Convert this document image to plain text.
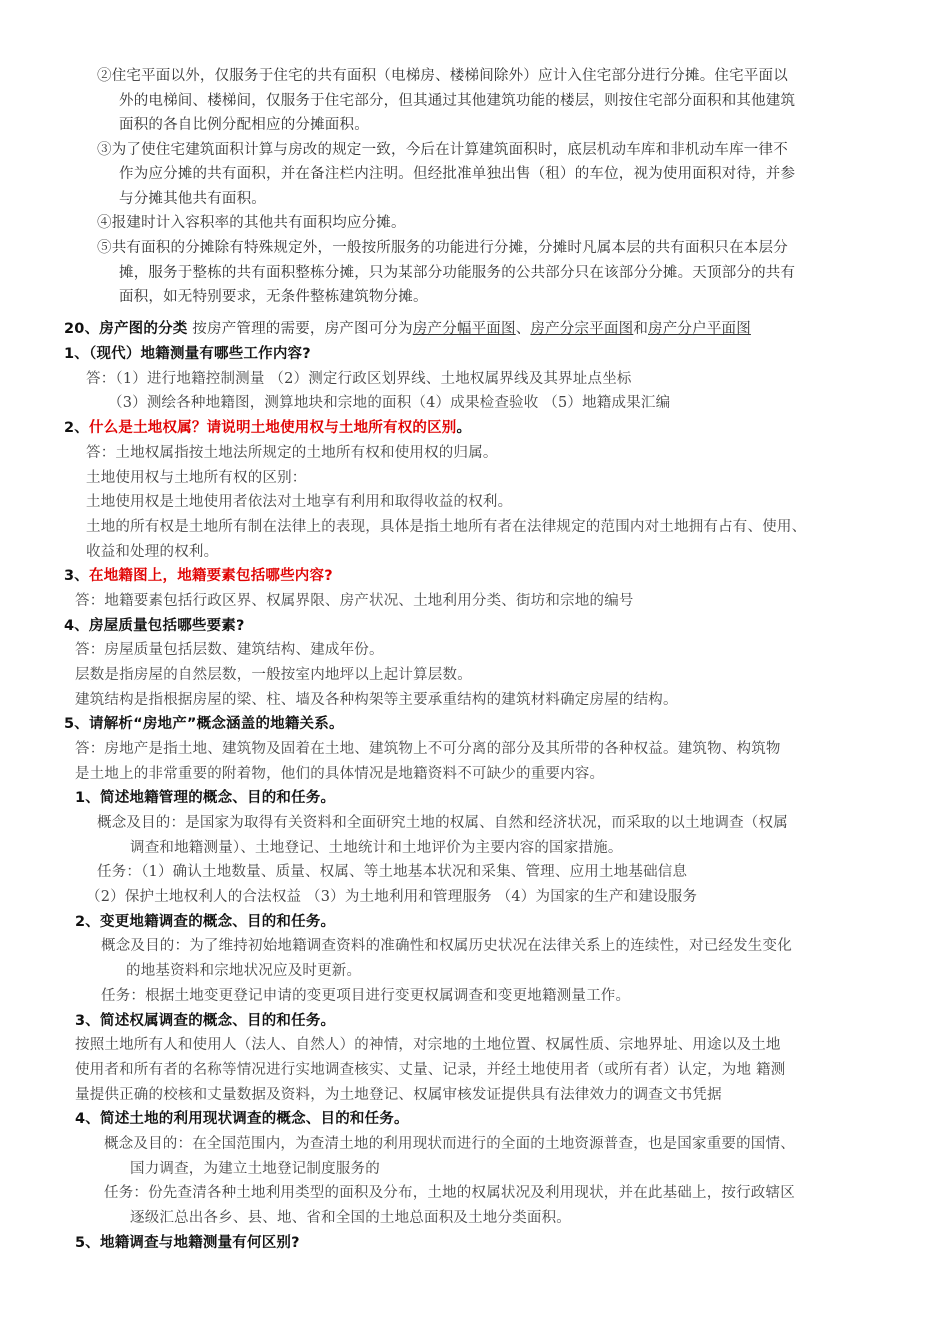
②住宅平面以外，仅服务于住宅的共有面积（电梯房、楼梯间除外）应计入住宅部分进行分摊。住宅平面以
外的电梯间、楼梯间，仅服务于住宅部分，但其通过其他建筑功能的楼层，则按住宅部分面积和其他建筑
面积的各自比例分配相应的分摊面积。
③为了使住宅建筑面积计算与房改的规定一致，今后在计算建筑面积时，底层机动车库和非机动车库一律不
作为应分摊的共有面积，并在备注栏内注明。但经批准单独出售（租）的车位，视为使用面积对待，并参
与分摊其他共有面积。
④报建时计入容积率的其他共有面积均应分摊。
⑤共有面积的分摊除有特殊规定外，一般按所服务的功能进行分摊，分摊时凡属本层的共有面积只在本层分
摊，服务于整栋的共有面积整栋分摊，只为某部分功能服务的公共部分只在该部分分摊。天顶部分的共有
面积，如无特别要求，无条件整栋建筑物分摊。
20、房产图的分类 按房产管理的需要，房产图可分为房产分幅平面图、房产分宗平面图和房产分户平面图
1、（现代）地籍测量有哪些工作内容?
答：（1）进行地籍控制测量 （2）测定行政区划界线、土地权属界线及其界址点坐标
（3）测绘各种地籍图，测算地块和宗地的面积（4）成果检查验收 （5）地籍成果汇编
2、什么是土地权属？请说明土地使用权与土地所有权的区别。
答：土地权属指按土地法所规定的土地所有权和使用权的归属。
土地使用权与土地所有权的区别：
土地使用权是土地使用者依法对土地享有利用和取得收益的权利。
土地的所有权是土地所有制在法律上的表现，具体是指土地所有者在法律规定的范围内对土地拥有占有、使用、
收益和处理的权利。
3、在地籍图上，地籍要素包括哪些内容?
答：地籍要素包括行政区界、权属界限、房产状况、土地利用分类、街坊和宗地的编号
4、房屋质量包括哪些要素?
答：房屋质量包括层数、建筑结构、建成年份。
层数是指房屋的自然层数，一般按室内地坪以上起计算层数。
建筑结构是指根据房屋的梁、柱、墙及各种构架等主要承重结构的建筑材料确定房屋的结构。
5、请解析“房地产”概念涵盖的地籍关系。
答：房地产是指土地、建筑物及固着在土地、建筑物上不可分离的部分及其所带的各种权益。建筑物、构筑物
是土地上的非常重要的附着物，他们的具体情况是地籍资料不可缺少的重要内容。
1、简述地籍管理的概念、目的和任务。
概念及目的：是国家为取得有关资料和全面研究土地的权属、自然和经济状况，而采取的以土地调查（权属
调查和地籍测量）、土地登记、土地统计和土地评价为主要内容的国家措施。
任务：（1）确认土地数量、质量、权属、等土地基本状况和采集、管理、应用土地基础信息
（2）保护土地权利人的合法权益 （3）为土地利用和管理服务 （4）为国家的生产和建设服务
2、变更地籍调查的概念、目的和任务。
概念及目的：为了维持初始地籍调查资料的准确性和权属历史状况在法律关系上的连续性，对已经发生变化
的地基资料和宗地状况应及时更新。
任务：根据土地变更登记申请的变更项目进行变更权属调查和变更地籍测量工作。
3、简述权属调查的概念、目的和任务。
按照土地所有人和使用人（法人、自然人）的神情，对宗地的土地位置、权属性质、宗地界址、用途以及土地
使用者和所有者的名称等情况进行实地调查核实、丈量、记录，并经土地使用者（或所有者）认定，为地 籍测
量提供正确的校核和丈量数据及资料，为土地登记、权属审核发证提供具有法律效力的调查文书凭据
4、简述土地的利用现状调查的概念、目的和任务。
概念及目的：在全国范围内，为查清土地的利用现状而进行的全面的土地资源普查，也是国家重要的国情、
国力调查，为建立土地登记制度服务的
任务：份先查清各种土地利用类型的面积及分布，土地的权属状况及利用现状，并在此基础上，按行政辖区
逐级汇总出各乡、县、地、省和全国的土地总面积及土地分类面积。
5、地籍调查与地籍测量有何区别?
